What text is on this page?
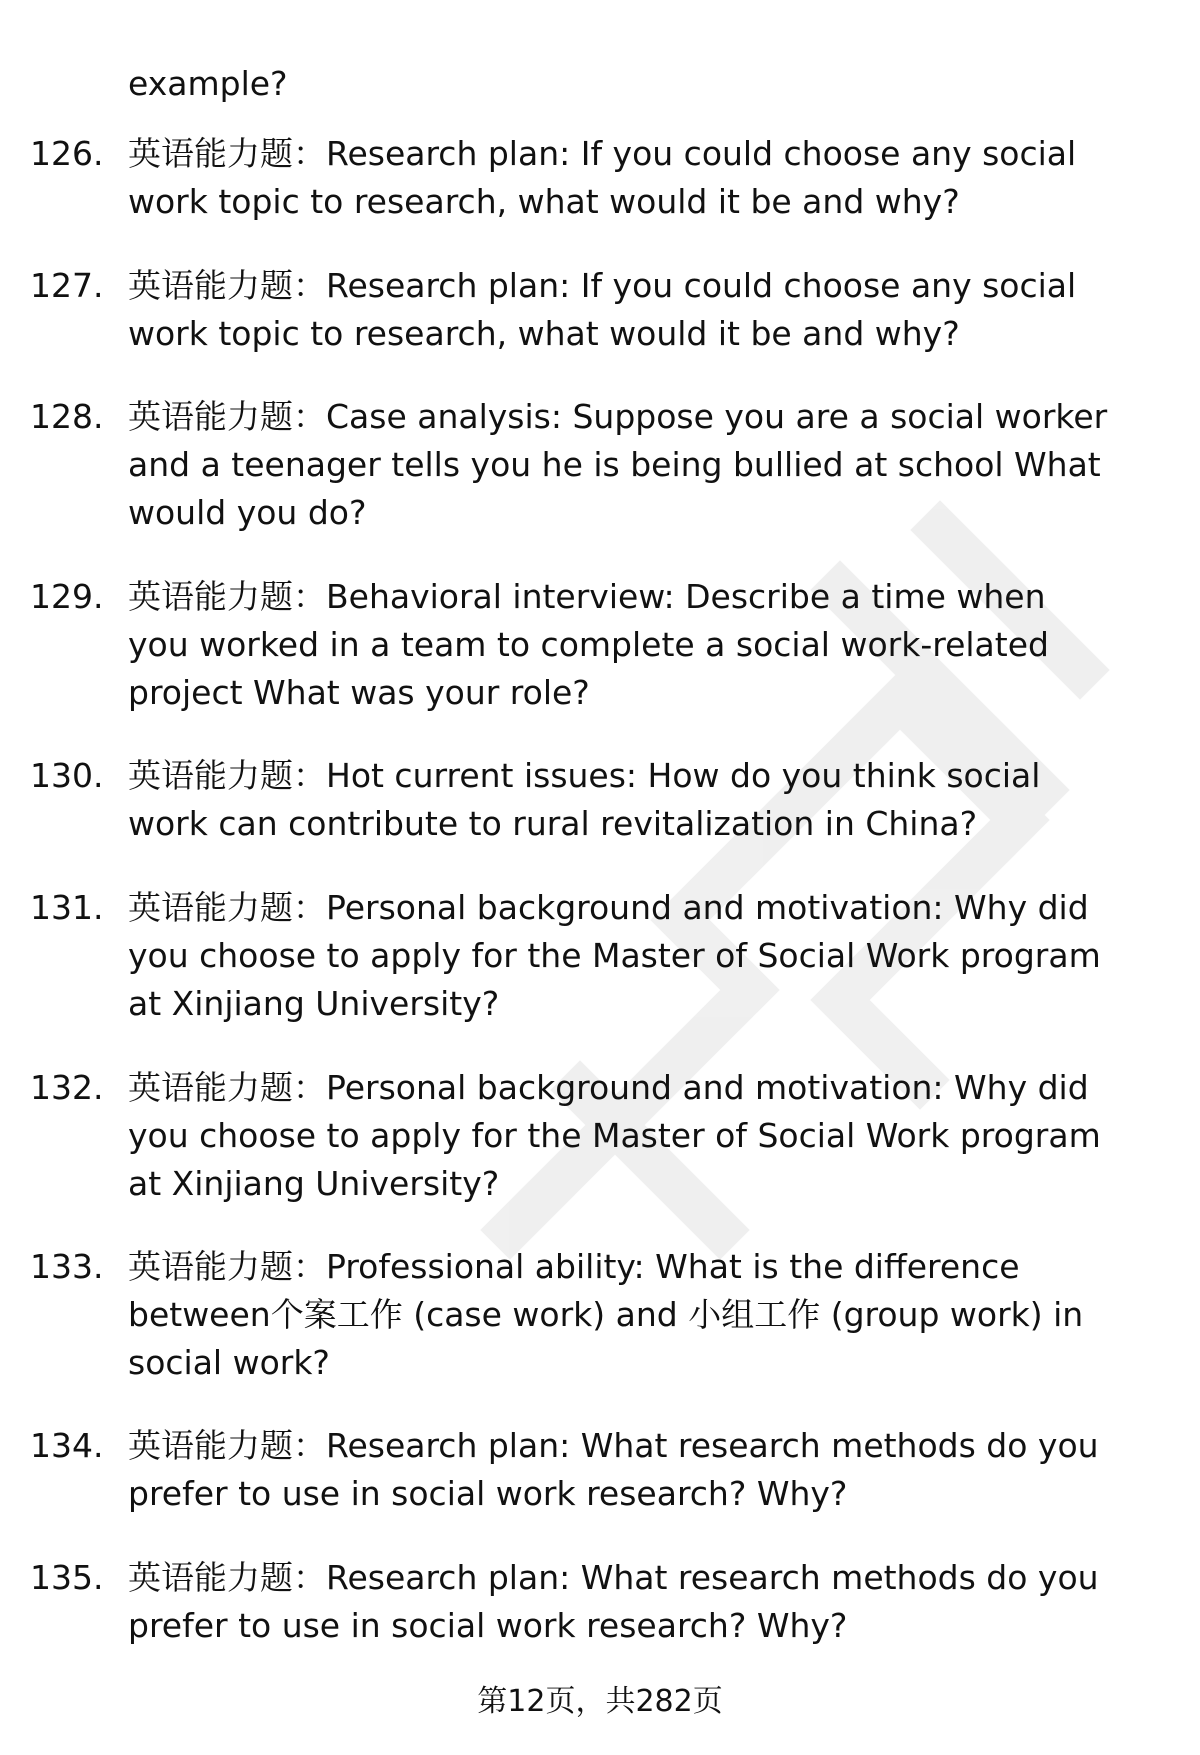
example?
126. 英语能力题：Research plan: If you could choose any social
work topic to research, what would it be and why?
127. 英语能力题：Research plan: If you could choose any social
work topic to research, what would it be and why?
128. 英语能力题：Case analysis: Suppose you are a social worker
and a teenager tells you he is being bullied at school What
would you do?
129. 英语能力题：Behavioral interview: Describe a time when
you worked in a team to complete a social work-related
project What was your role?
130. 英语能力题：Hot current issues: How do you think social
work can contribute to rural revitalization in China?
131. 英语能力题：Personal background and motivation: Why did
you choose to apply for the Master of Social Work program
at Xinjiang University?
132. 英语能力题：Personal background and motivation: Why did
you choose to apply for the Master of Social Work program
at Xinjiang University?
133. 英语能力题：Professional ability: What is the difference
between个案工作 (case work) and 小组工作 (group work) in
social work?
134. 英语能力题：Research plan: What research methods do you
prefer to use in social work research? Why?
135. 英语能力题：Research plan: What research methods do you
prefer to use in social work research? Why?
第12页，共282页
